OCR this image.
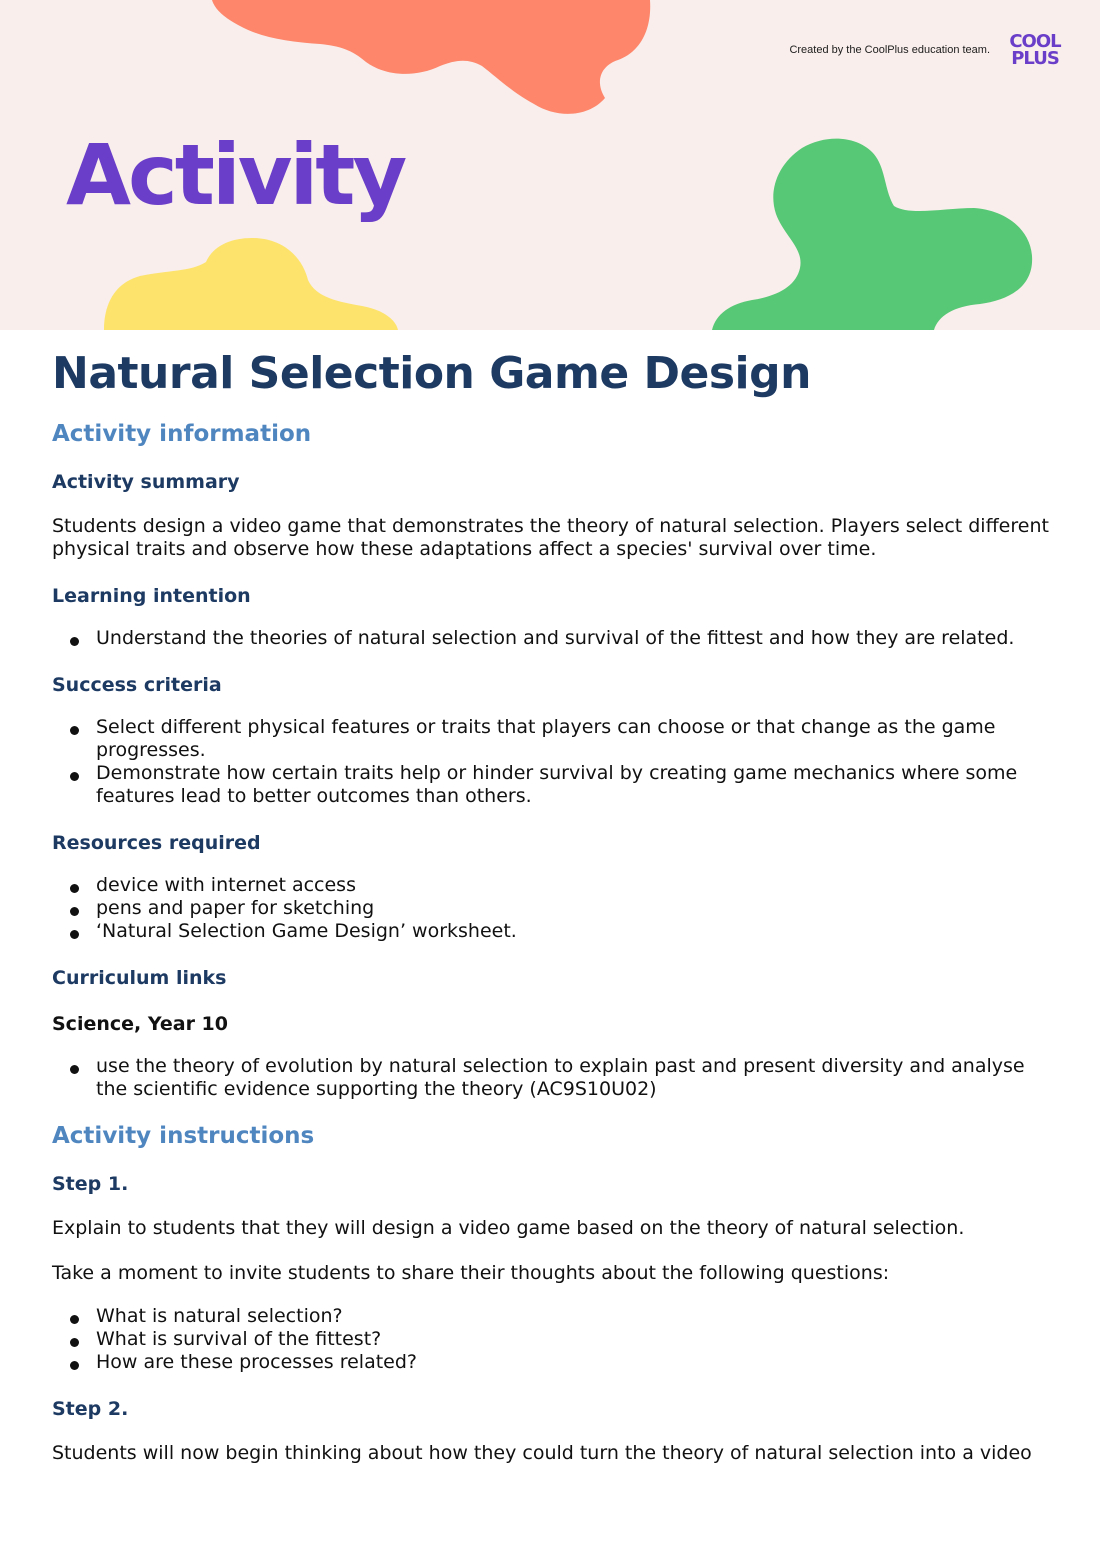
Created by the CoolPlus education team.	COOL
PLUS
Activity
Natural Selection Game Design
Activity information
Activity summary

Students design a video game that demonstrates the theory of natural selection. Players select different physical traits and observe how these adaptations affect a species' survival over time.

Learning intention
Understand the theories of natural selection and survival of the fittest and how they are related.
Success criteria
Select different physical features or traits that players can choose or that change as the game progresses.
Demonstrate how certain traits help or hinder survival by creating game mechanics where some features lead to better outcomes than others.
Resources required
device with internet access
pens and paper for sketching
‘Natural Selection Game Design’ worksheet.
Curriculum links
Science, Year 10
use the theory of evolution by natural selection to explain past and present diversity and analyse the scientific evidence supporting the theory (AC9S10U02)
Activity instructions
Step 1.

Explain to students that they will design a video game based on the theory of natural selection.

Take a moment to invite students to share their thoughts about the following questions:

What is natural selection?
What is survival of the fittest?
How are these processes related?
Step 2.

Students will now begin thinking about how they could turn the theory of natural selection into a video
